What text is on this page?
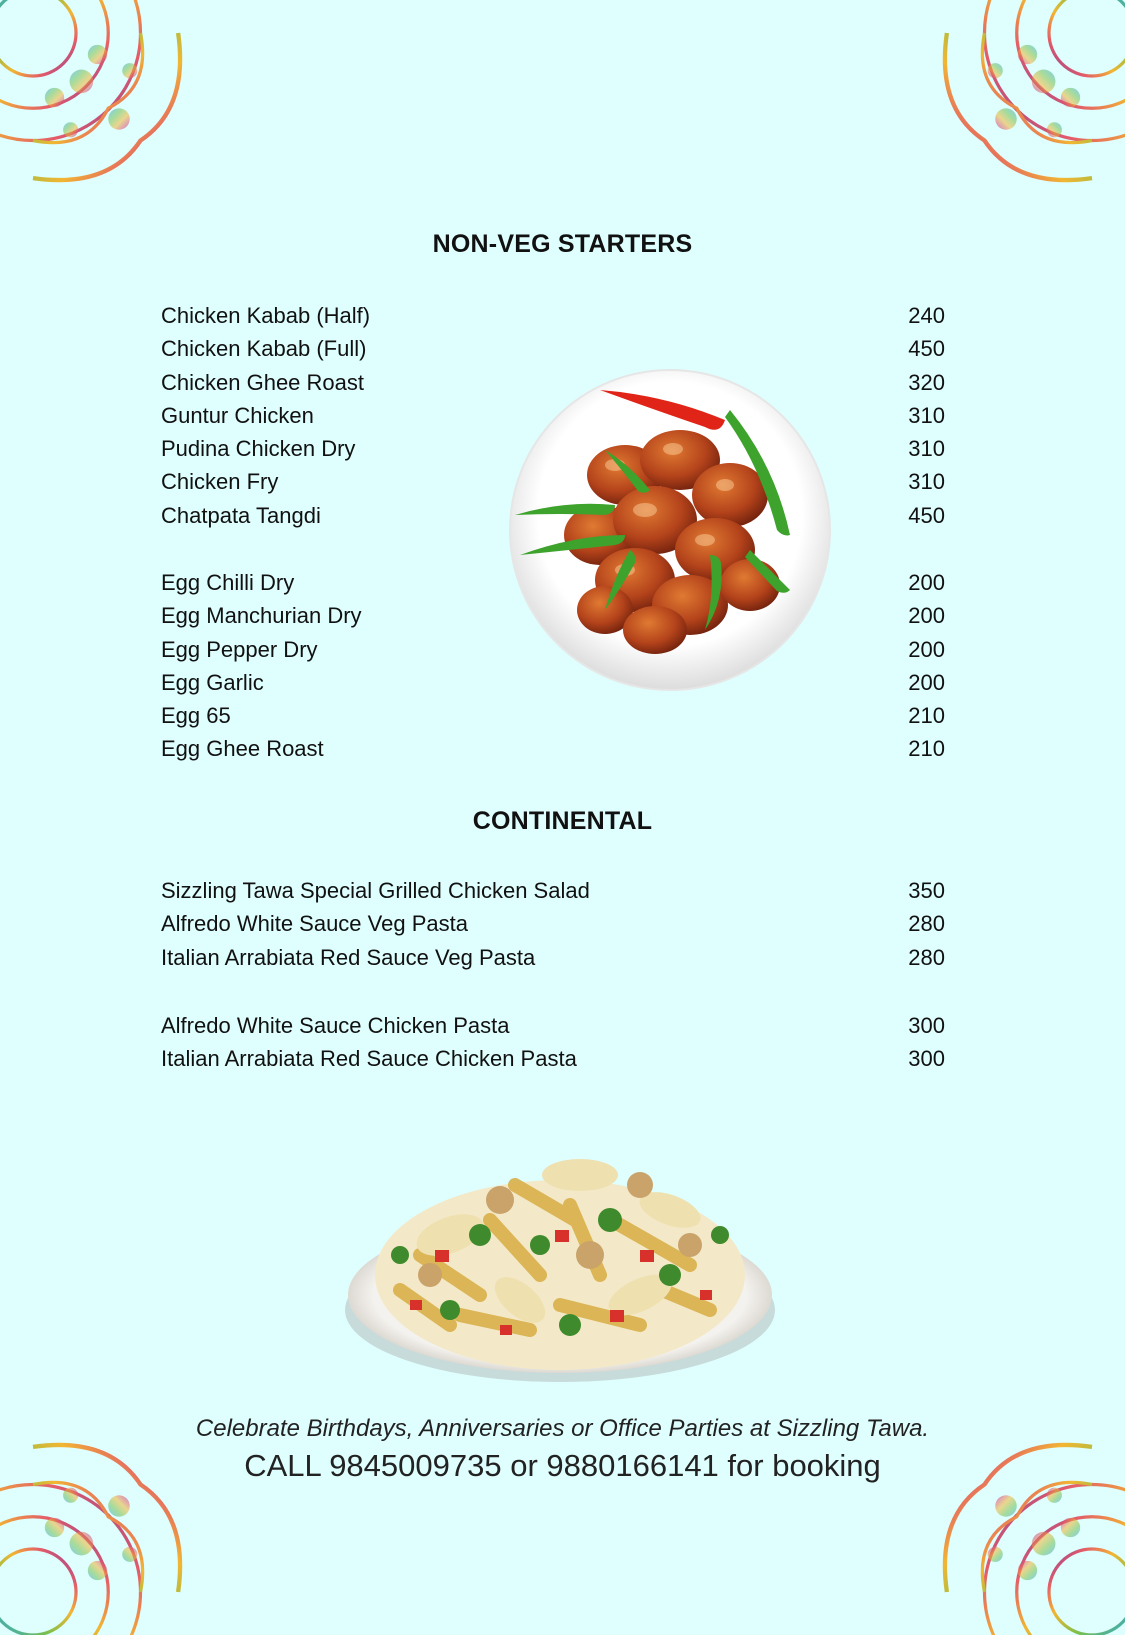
NON-VEG STARTERS
Chicken Kabab (Half)	240
Chicken Kabab (Full)	450
Chicken Ghee Roast	320
Guntur Chicken	310
Pudina Chicken Dry	310
Chicken Fry	310
Chatpata Tangdi	450
Egg Chilli Dry	200
Egg Manchurian Dry	200
Egg Pepper Dry	200
Egg Garlic	200
Egg 65	210
Egg Ghee Roast	210
CONTINENTAL
Sizzling Tawa Special Grilled Chicken Salad	350
Alfredo White Sauce Veg Pasta	280
Italian Arrabiata Red Sauce Veg Pasta	280
Alfredo White Sauce Chicken Pasta	300
Italian Arrabiata Red Sauce Chicken Pasta	300
Celebrate Birthdays, Anniversaries or Office Parties at Sizzling Tawa.
CALL 9845009735 or 9880166141 for booking
